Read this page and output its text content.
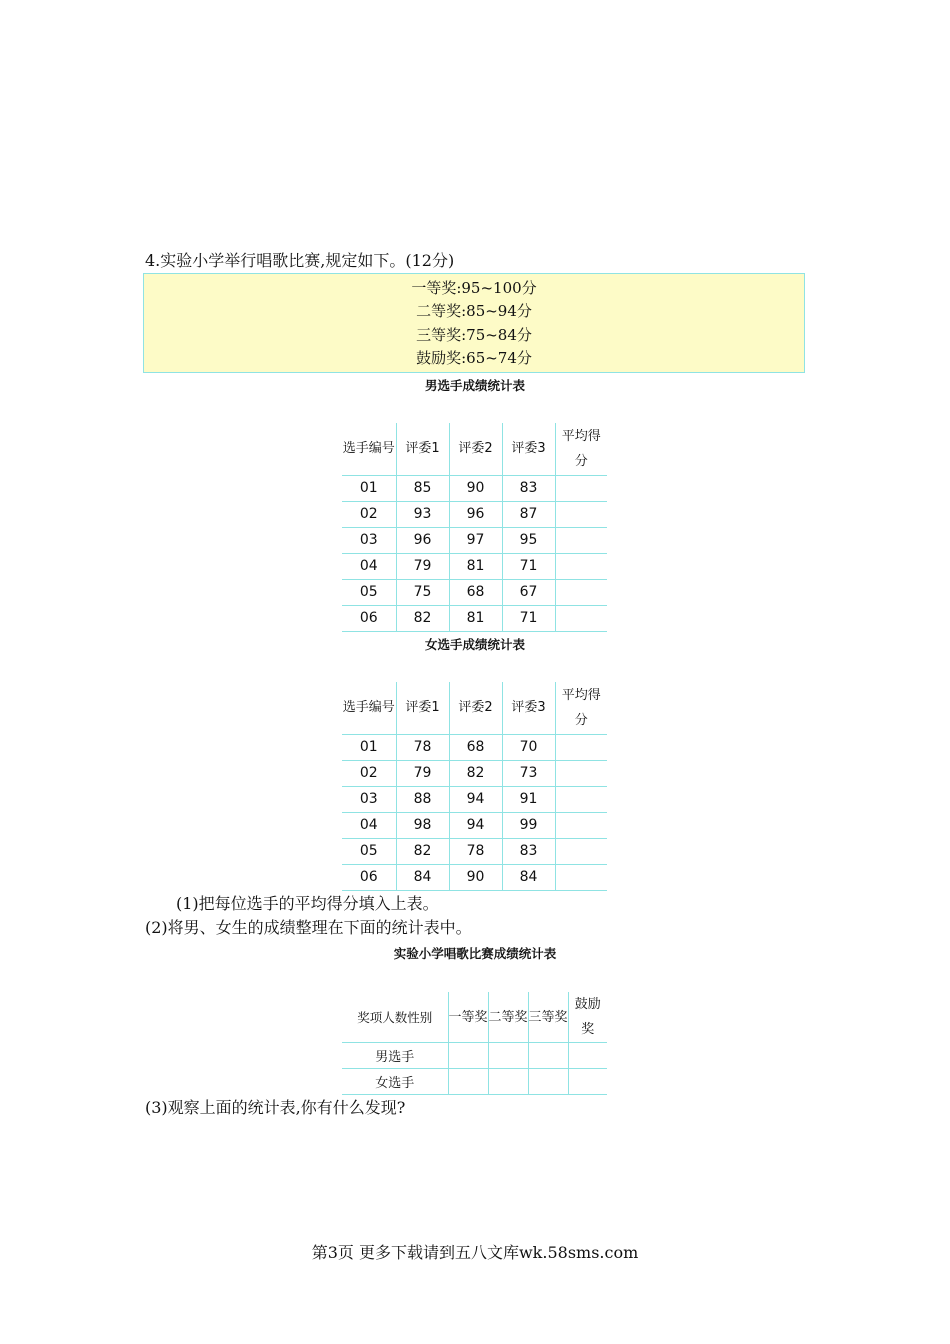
4.实验小学举行唱歌比赛,规定如下。(12分)
一等奖:95~100分
二等奖:85~94分
三等奖:75~84分
鼓励奖:65~74分
男选手成绩统计表
选手编号	评委1	评委2	评委3	平均得分
01	85	90	83	
02	93	96	87	
03	96	97	95	
04	79	81	71	
05	75	68	67	
06	82	81	71	
女选手成绩统计表
选手编号	评委1	评委2	评委3	平均得分
01	78	68	70	
02	79	82	73	
03	88	94	91	
04	98	94	99	
05	82	78	83	
06	84	90	84	
(1)把每位选手的平均得分填入上表。
(2)将男、女生的成绩整理在下面的统计表中。
实验小学唱歌比赛成绩统计表
奖项人数性别	一等奖	二等奖	三等奖	鼓励奖
男选手				
女选手				
(3)观察上面的统计表,你有什么发现?
第3页 更多下载请到五八文库wk.58sms.com
